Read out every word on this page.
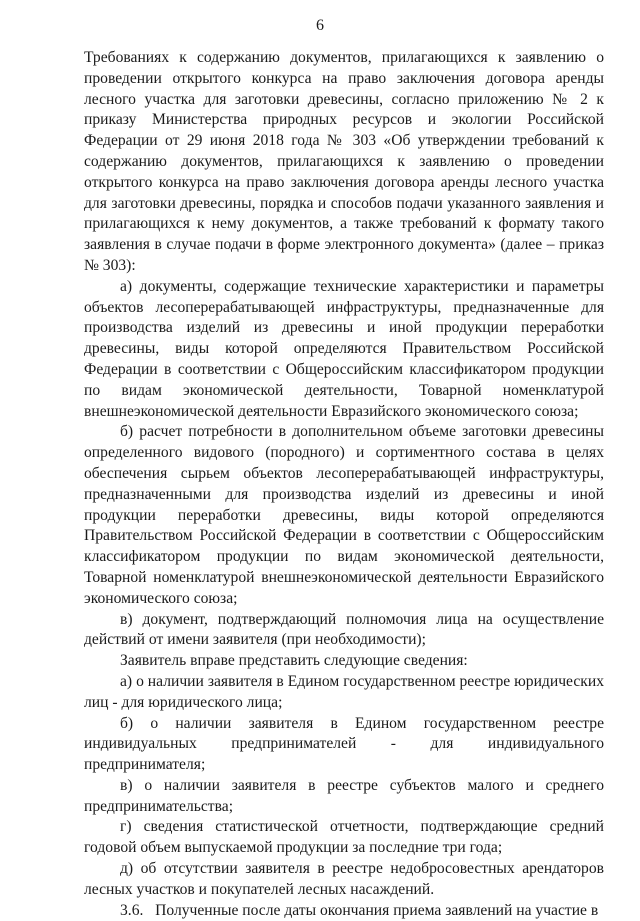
6

Требованиях к содержанию документов, прилагающихся к заявлению о проведении открытого конкурса на право заключения договора аренды лесного участка для заготовки древесины, согласно приложению № 2 к приказу Министерства природных ресурсов и экологии Российской Федерации от 29 июня 2018 года № 303 «Об утверждении требований к содержанию документов, прилагающихся к заявлению о проведении открытого конкурса на право заключения договора аренды лесного участка для заготовки древесины, порядка и способов подачи указанного заявления и прилагающихся к нему документов, а также требований к формату такого заявления в случае подачи в форме электронного документа» (далее – приказ № 303):

а) документы, содержащие технические характеристики и параметры объектов лесоперерабатывающей инфраструктуры, предназначенные для производства изделий из древесины и иной продукции переработки древесины, виды которой определяются Правительством Российской Федерации в соответствии с Общероссийским классификатором продукции по видам экономической деятельности, Товарной номенклатурой внешнеэкономической деятельности Евразийского экономического союза;

б) расчет потребности в дополнительном объеме заготовки древесины определенного видового (породного) и сортиментного состава в целях обеспечения сырьем объектов лесоперерабатывающей инфраструктуры, предназначенными для производства изделий из древесины и иной продукции переработки древесины, виды которой определяются Правительством Российской Федерации в соответствии с Общероссийским классификатором продукции по видам экономической деятельности, Товарной номенклатурой внешнеэкономической деятельности Евразийского экономического союза;

в) документ, подтверждающий полномочия лица на осуществление действий от имени заявителя (при необходимости);

Заявитель вправе представить следующие сведения:

а) о наличии заявителя в Едином государственном реестре юридических лиц - для юридического лица;

б) о наличии заявителя в Едином государственном реестре индивидуальных предпринимателей - для индивидуального предпринимателя;

в) о наличии заявителя в реестре субъектов малого и среднего предпринимательства;

г) сведения статистической отчетности, подтверждающие средний годовой объем выпускаемой продукции за последние три года;

д) об отсутствии заявителя в реестре недобросовестных арендаторов лесных участков и покупателей лесных насаждений.

3.6.   Полученные после даты окончания приема заявлений на участие в
